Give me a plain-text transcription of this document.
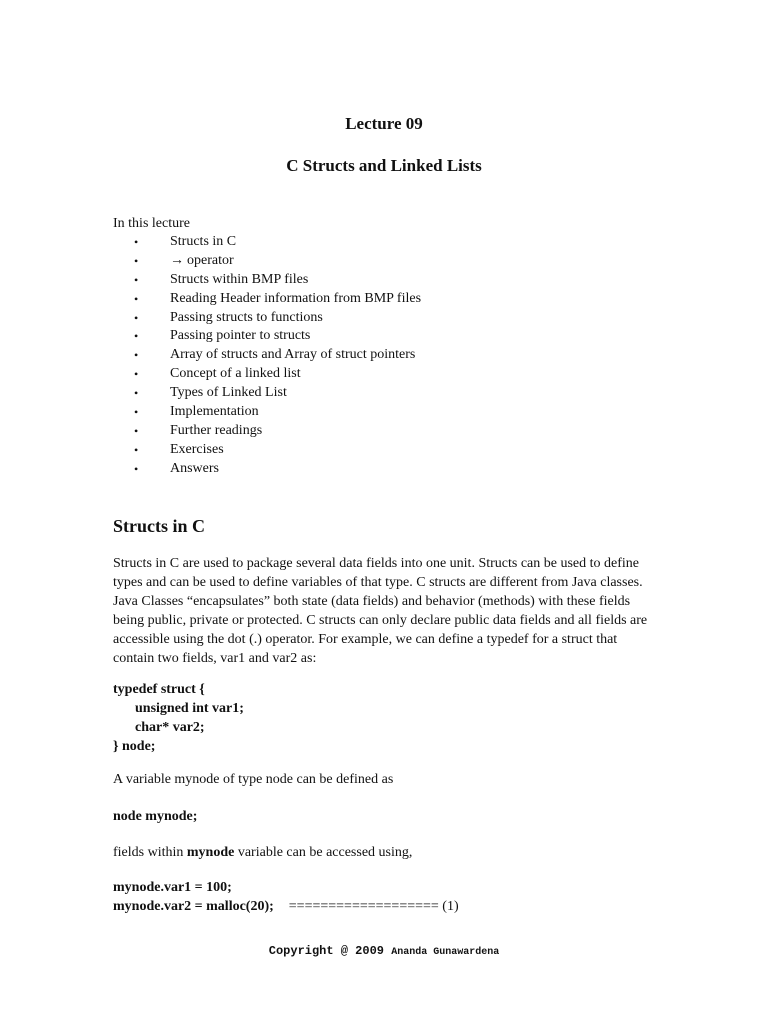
Lecture 09
C Structs and Linked Lists
In this lecture
• Structs in C
• → operator
• Structs within BMP files
• Reading Header information from BMP files
• Passing structs to functions
• Passing pointer to structs
• Array of structs and Array of struct pointers
• Concept of a linked list
• Types of Linked List
• Implementation
• Further readings
• Exercises
• Answers
Structs in C
Structs in C are used to package several data fields into one unit. Structs can be used to define types and can be used to define variables of that type. C structs are different from Java classes. Java Classes “encapsulates” both state (data fields) and behavior (methods) with these fields being public, private or protected. C structs can only declare public data fields and all fields are accessible using the dot (.) operator. For example, we can define a typedef for a struct that contain two fields, var1 and var2 as:
typedef struct {
unsigned int var1;
char* var2;
} node;
A variable mynode of type node can be defined as
node mynode;
fields within mynode variable can be accessed using,
mynode.var1 = 100;
mynode.var2 = malloc(20); =================== (1)
Copyright @ 2009 Ananda Gunawardena
